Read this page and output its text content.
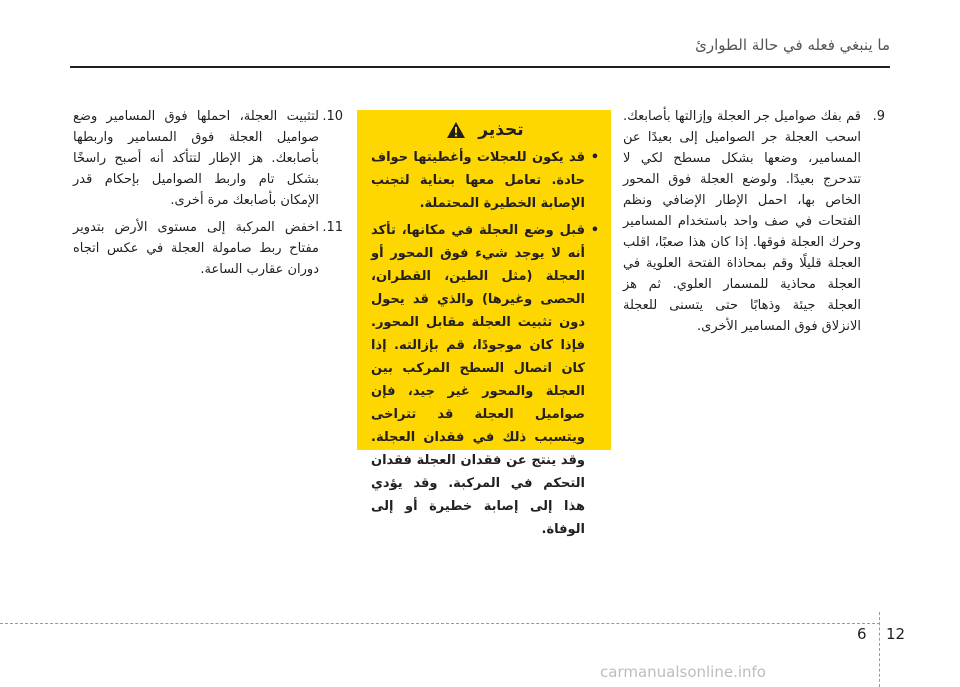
ما ينبغي فعله في حالة الطوارئ
.9
قم بفك صواميل جر العجلة وإزالتها بأصابعك. اسحب العجلة جر الصواميل إلى بعيدًا عن المسامير، وضعها بشكل مسطح لكي لا تتدحرج بعيدًا. ولوضع العجلة فوق المحور الخاص بها، احمل الإطار الإضافي ونظم الفتحات في صف واحد باستخدام المسامير وحرك العجلة فوقها. إذا كان هذا صعبًا، اقلب العجلة قليلًا وقم بمحاذاة الفتحة العلوية في العجلة محاذية للمسمار العلوي. ثم هز العجلة جيئة وذهابًا حتى يتسنى للعجلة الانزلاق فوق المسامير الأخرى.
تحذير
•
قد يكون للعجلات وأغطيتها حواف حادة. تعامل معها بعناية لتجنب الإصابة الخطيرة المحتملة.
•
قبل وضع العجلة في مكانها، تأكد أنه لا يوجد شيء فوق المحور أو العجلة (مثل الطين، القطران، الحصى وغيرها) والذي قد يحول دون تثبيت العجلة مقابل المحور. فإذا كان موجودًا، قم بإزالته. إذا كان اتصال السطح المركب بين العجلة والمحور غير جيد، فإن صواميل العجلة قد تتراخى ويتسبب ذلك في فقدان العجلة. وقد ينتج عن فقدان العجلة فقدان التحكم في المركبة. وقد يؤدي هذا إلى إصابة خطيرة أو إلى الوفاة.
.10
لتثبيت العجلة، احملها فوق المسامير وضع صواميل العجلة فوق المسامير واربطها بأصابعك. هز الإطار لتتأكد أنه أصبح راسخًا بشكل تام واربط الصواميل بإحكام قدر الإمكان بأصابعك مرة أخرى.
.11
اخفض المركبة إلى مستوى الأرض بتدوير مفتاح ربط صامولة العجلة في عكس اتجاه دوران عقارب الساعة.
6 12
carmanualsonline.info
